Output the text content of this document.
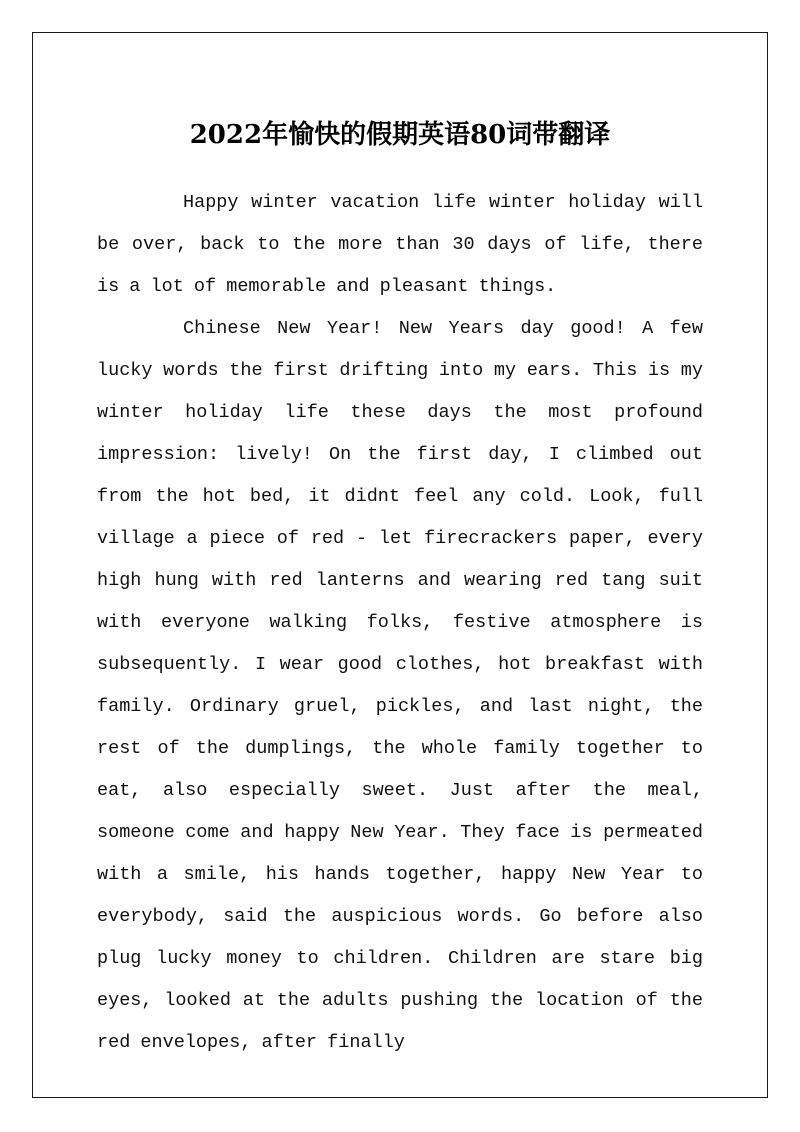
2022年愉快的假期英语80词带翻译

Happy winter vacation life winter holiday will be over, back to the more than 30 days of life, there is a lot of memorable and pleasant things.

Chinese New Year! New Years day good! A few lucky words the first drifting into my ears. This is my winter holiday life these days the most profound impression: lively! On the first day, I climbed out from the hot bed, it didnt feel any cold. Look, full village a piece of red - let firecrackers paper, every high hung with red lanterns and wearing red tang suit with everyone walking folks, festive atmosphere is subsequently. I wear good clothes, hot breakfast with family. Ordinary gruel, pickles, and last night, the rest of the dumplings, the whole family together to eat, also especially sweet. Just after the meal, someone come and happy New Year. They face is permeated with a smile, his hands together, happy New Year to everybody, said the auspicious words. Go before also plug lucky money to children. Children are stare big eyes, looked at the adults pushing the location of the red envelopes, after finally
